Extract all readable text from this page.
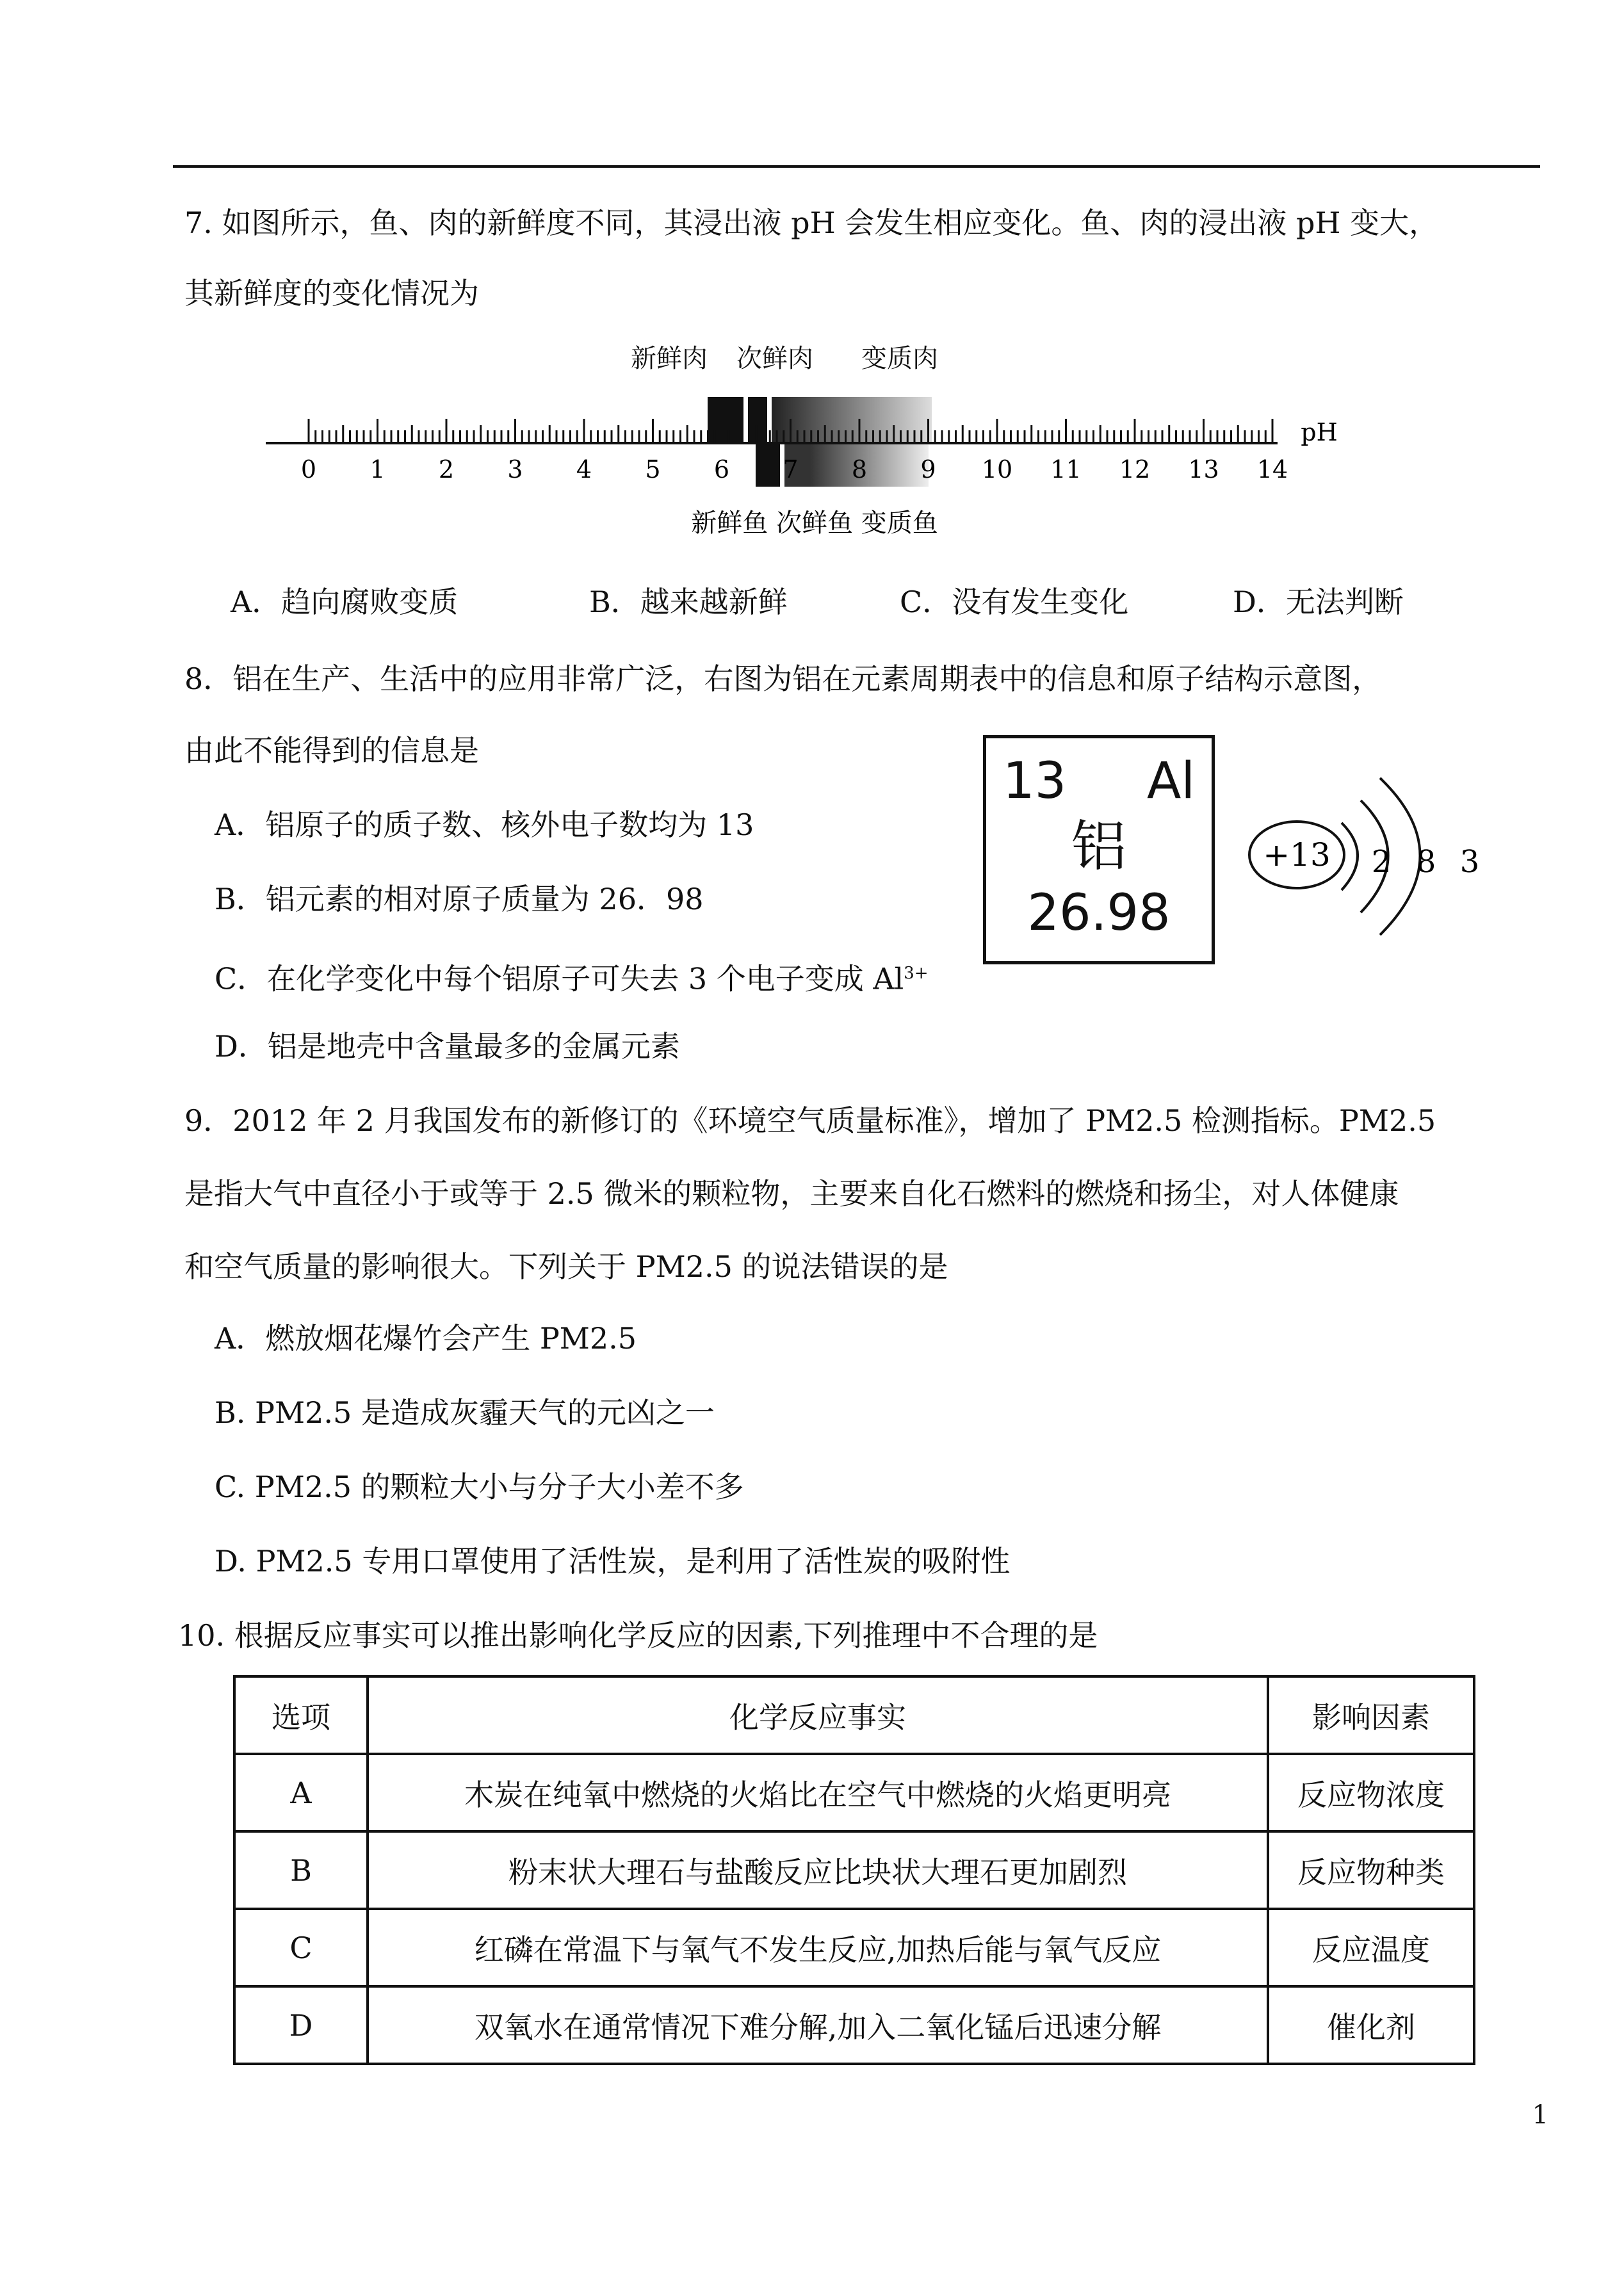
7. 如图所示，鱼、肉的新鲜度不同，其浸出液 pH 会发生相应变化。鱼、肉的浸出液 pH 变大，
其新鲜度的变化情况为
0 1 2 3 4 5 6 7 8 9 10 11 12 13 14
pH
新鲜鱼 次鲜鱼 变质鱼
新鲜肉 次鲜肉 变质肉
A．趋向腐败变质	B．越来越新鲜	C．没有发生变化	D．无法判断
8．铝在生产、生活中的应用非常广泛，右图为铝在元素周期表中的信息和原子结构示意图，
由此不能得到的信息是
A．铝原子的质子数、核外电子数均为 13
B．铝元素的相对原子质量为 26．98
C．在化学变化中每个铝原子可失去 3 个电子变成 $Al^{3+}$
D．铝是地壳中含量最多的金属元素
13 Al
铝
26.98
+13 2 8 3
9．2012 年 2 月我国发布的新修订的《环境空气质量标准》，增加了 PM2.5 检测指标。PM2.5
是指大气中直径小于或等于 2.5 微米的颗粒物，主要来自化石燃料的燃烧和扬尘，对人体健康
和空气质量的影响很大。下列关于 PM2.5 的说法错误的是
A．燃放烟花爆竹会产生 PM2.5
B. PM2.5 是造成灰霾天气的元凶之一
C. PM2.5 的颗粒大小与分子大小差不多
D. PM2.5 专用口罩使用了活性炭，是利用了活性炭的吸附性
10. 根据反应事实可以推出影响化学反应的因素,下列推理中不合理的是
选项	化学反应事实	影响因素
A	木炭在纯氧中燃烧的火焰比在空气中燃烧的火焰更明亮	反应物浓度
B	粉末状大理石与盐酸反应比块状大理石更加剧烈	反应物种类
C	红磷在常温下与氧气不发生反应,加热后能与氧气反应	反应温度
D	双氧水在通常情况下难分解,加入二氧化锰后迅速分解	催化剂
1
